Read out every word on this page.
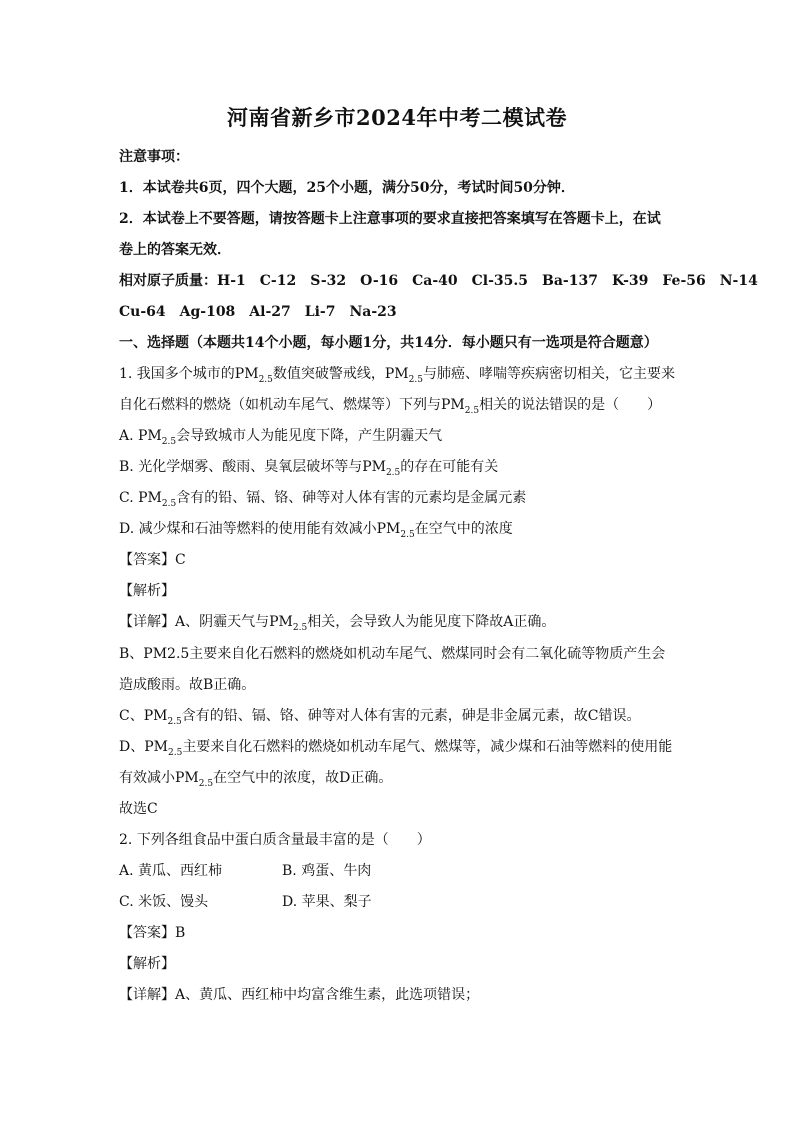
河南省新乡市2024年中考二模试卷
注意事项：
1．本试卷共6页，四个大题，25个小题，满分50分，考试时间50分钟．
2．本试卷上不要答题，请按答题卡上注意事项的要求直接把答案填写在答题卡上，在试
卷上的答案无效．
相对原子质量：H-1　C-12　S-32　O-16　Ca-40　Cl-35.5　Ba-137　K-39　Fe-56　N-14
Cu-64　Ag-108　Al-27　Li-7　Na-23
一、选择题（本题共14个小题，每小题1分，共14分．每小题只有一选项是符合题意）
1. 我国多个城市的$PM_{2.5}$数值突破警戒线，$PM_{2.5}$与肺癌、哮喘等疾病密切相关，它主要来
自化石燃料的燃烧（如机动车尾气、燃煤等）下列与$PM_{2.5}$相关的说法错误的是（　　）
A. $PM_{2.5}$会导致城市人为能见度下降，产生阴霾天气
B. 光化学烟雾、酸雨、臭氧层破坏等与$PM_{2.5}$的存在可能有关
C. $PM_{2.5}$含有的铅、镉、铬、砷等对人体有害的元素均是金属元素
D. 减少煤和石油等燃料的使用能有效减小$PM_{2.5}$在空气中的浓度
【答案】C
【解析】
【详解】A、阴霾天气与$PM_{2.5}$相关，会导致人为能见度下降故A正确。
B、PM2.5主要来自化石燃料的燃烧如机动车尾气、燃煤同时会有二氧化硫等物质产生会
造成酸雨。故B正确。
C、$PM_{2.5}$含有的铅、镉、铬、砷等对人体有害的元素，砷是非金属元素，故C错误。
D、$PM_{2.5}$主要来自化石燃料的燃烧如机动车尾气、燃煤等，减少煤和石油等燃料的使用能
有效减小$PM_{2.5}$在空气中的浓度，故D正确。
故选C
2. 下列各组食品中蛋白质含量最丰富的是（　　）
A. 黄瓜、西红柿	B. 鸡蛋、牛肉
C. 米饭、馒头	D. 苹果、梨子
【答案】B
【解析】
【详解】A、黄瓜、西红柿中均富含维生素，此选项错误；
